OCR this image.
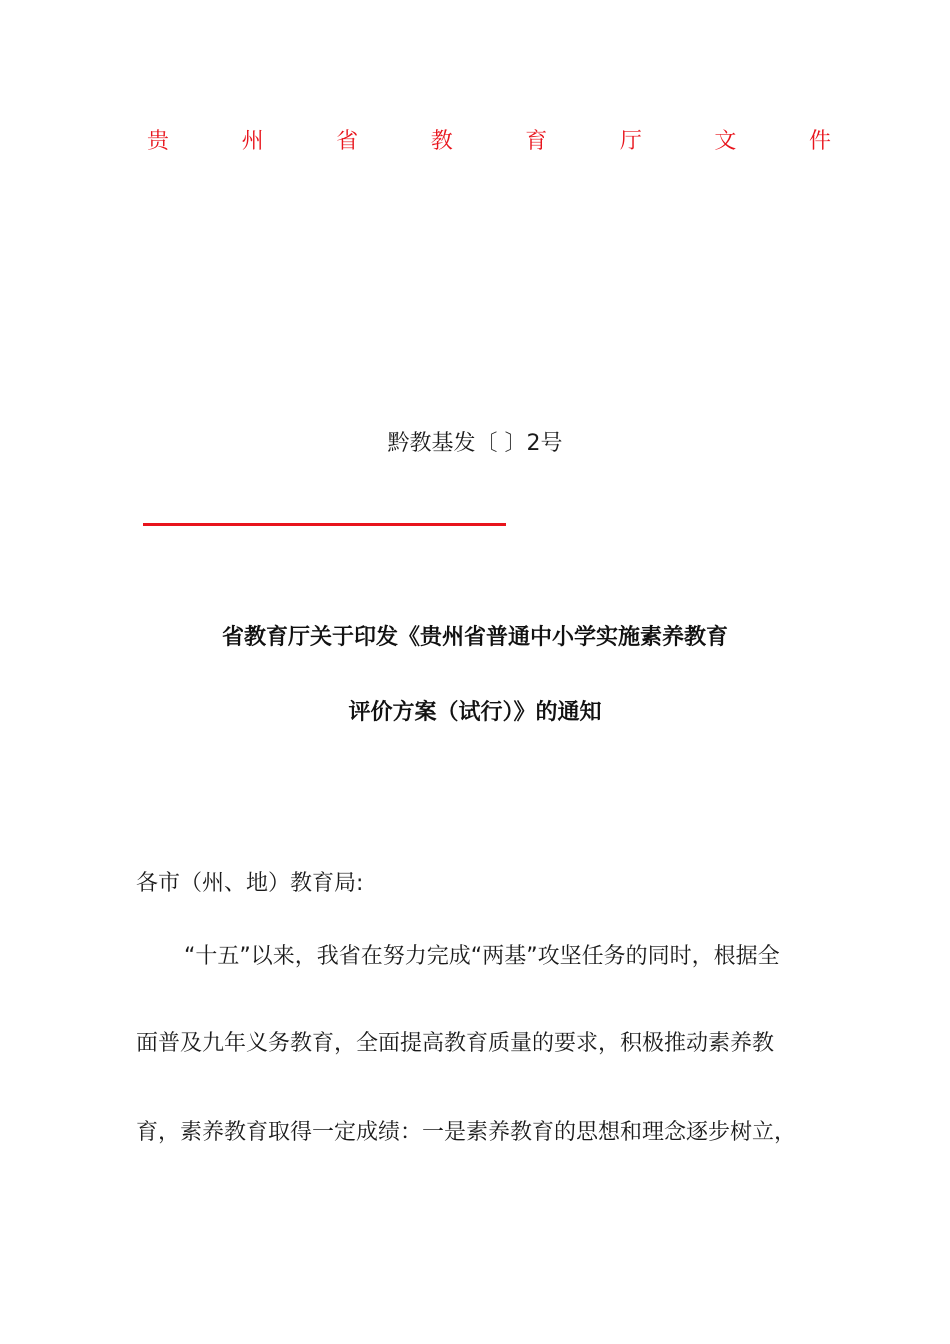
贵	州	省	教	育	厅	文	件
黔教基发〔 〕2号
省教育厅关于印发《贵州省普通中小学实施素养教育
评价方案（试行）》的通知
各市（州、地）教育局:
“十五”以来，我省在努力完成“两基”攻坚任务的同时，根据全
面普及九年义务教育，全面提高教育质量的要求，积极推动素养教
育，素养教育取得一定成绩：一是素养教育的思想和理念逐步树立，
